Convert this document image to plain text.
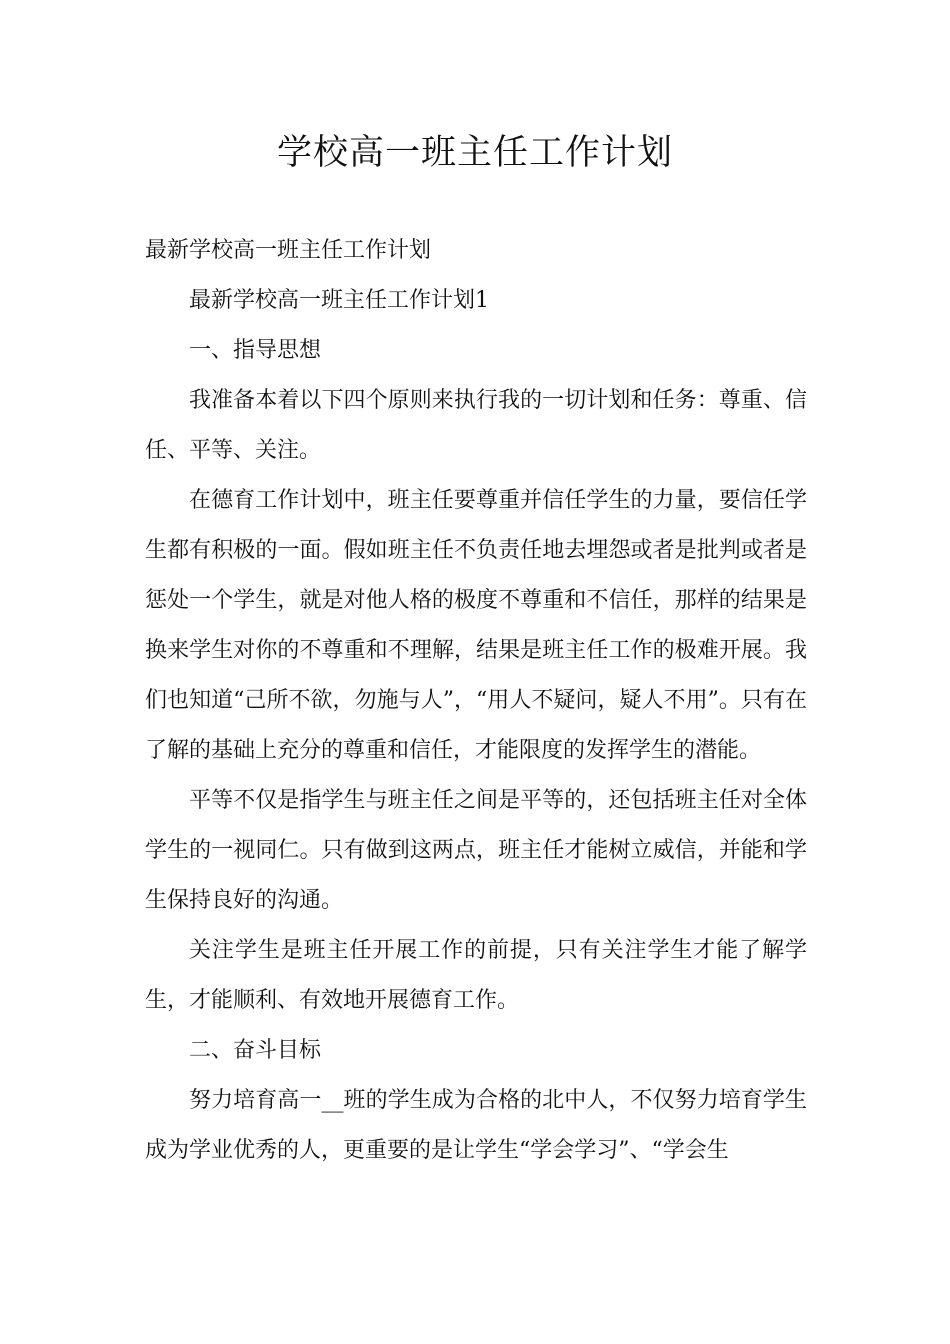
学校高一班主任工作计划

最新学校高一班主任工作计划

最新学校高一班主任工作计划1

一、指导思想

我准备本着以下四个原则来执行我的一切计划和任务：尊重、信任、平等、关注。

在德育工作计划中，班主任要尊重并信任学生的力量，要信任学生都有积极的一面。假如班主任不负责任地去埋怨或者是批判或者是惩处一个学生，就是对他人格的极度不尊重和不信任，那样的结果是换来学生对你的不尊重和不理解，结果是班主任工作的极难开展。我们也知道“己所不欲，勿施与人”，“用人不疑问，疑人不用”。只有在了解的基础上充分的尊重和信任，才能限度的发挥学生的潜能。

平等不仅是指学生与班主任之间是平等的，还包括班主任对全体学生的一视同仁。只有做到这两点，班主任才能树立威信，并能和学生保持良好的沟通。

关注学生是班主任开展工作的前提，只有关注学生才能了解学生，才能顺利、有效地开展德育工作。

二、奋斗目标

努力培育高一__班的学生成为合格的北中人，不仅努力培育学生成为学业优秀的人，更重要的是让学生“学会学习”、“学会生
